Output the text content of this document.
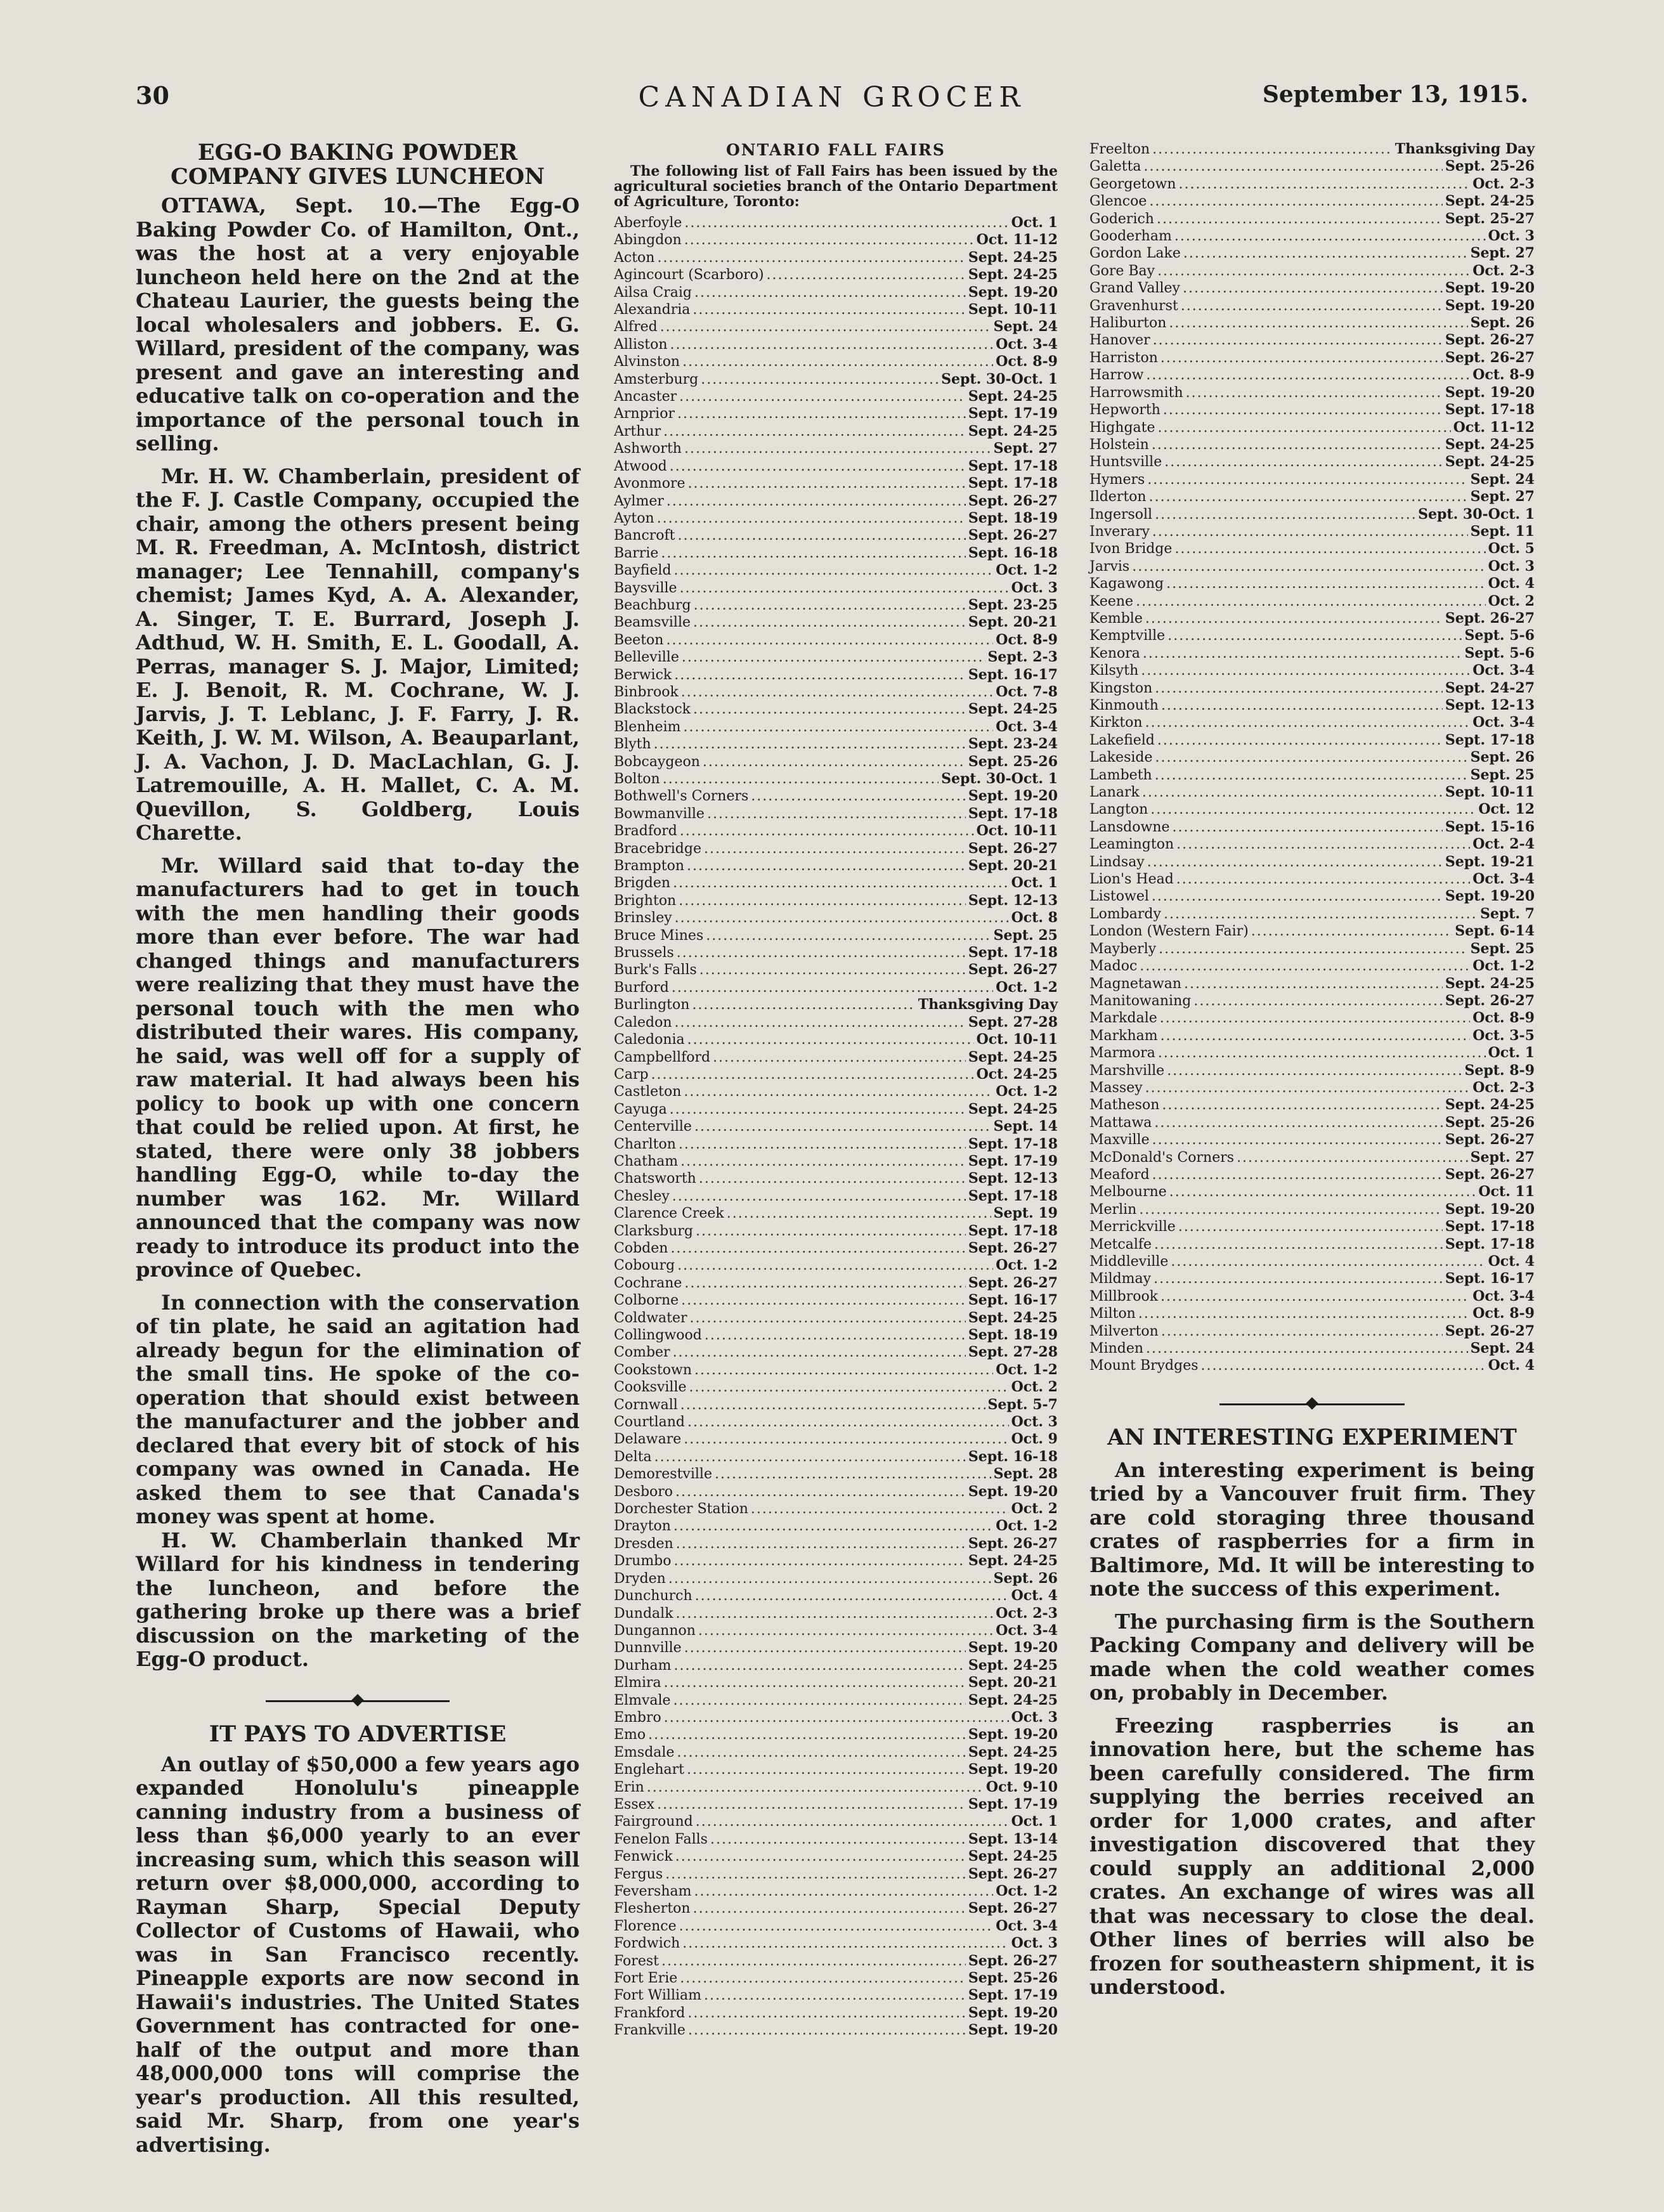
CANADIAN GROCER
30	September 13, 1915.
EGG-O BAKING POWDER COMPANY GIVES LUNCHEON

OTTAWA, Sept. 10.—The Egg-O Baking Powder Co. of Hamilton, Ont., was the host at a very enjoyable luncheon held here on the 2nd at the Chateau Laurier, the guests being the local wholesalers and jobbers. E. G. Willard, president of the company, was present and gave an interesting and educative talk on co-operation and the importance of the personal touch in selling.

Mr. H. W. Chamberlain, president of the F. J. Castle Company, occupied the chair, among the others present being M. R. Freedman, A. McIntosh, district manager; Lee Tennahill, company's chemist; James Kyd, A. A. Alexander, A. Singer, T. E. Burrard, Joseph J. Adthud, W. H. Smith, E. L. Goodall, A. Perras, manager S. J. Major, Limited; E. J. Benoit, R. M. Cochrane, W. J. Jarvis, J. T. Leblanc, J. F. Farry, J. R. Keith, J. W. M. Wilson, A. Beauparlant, J. A. Vachon, J. D. MacLachlan, G. J. Latremouille, A. H. Mallet, C. A. M. Quevillon, S. Goldberg, Louis Charette.

Mr. Willard said that to-day the manufacturers had to get in touch with the men handling their goods more than ever before. The war had changed things and manufacturers were realizing that they must have the personal touch with the men who distributed their wares. His company, he said, was well off for a supply of raw material. It had always been his policy to book up with one concern that could be relied upon. At first, he stated, there were only 38 jobbers handling Egg-O, while to-day the number was 162. Mr. Willard announced that the company was now ready to introduce its product into the province of Quebec.

In connection with the conservation of tin plate, he said an agitation had already begun for the elimination of the small tins. He spoke of the co-operation that should exist between the manufacturer and the jobber and declared that every bit of stock of his company was owned in Canada. He asked them to see that Canada's money was spent at home.

H. W. Chamberlain thanked Mr Willard for his kindness in tendering the luncheon, and before the gathering broke up there was a brief discussion on the marketing of the Egg-O product.

IT PAYS TO ADVERTISE

An outlay of $50,000 a few years ago expanded Honolulu's pineapple canning industry from a business of less than $6,000 yearly to an ever increasing sum, which this season will return over $8,000,000, according to Rayman Sharp, Special Deputy Collector of Customs of Hawaii, who was in San Francisco recently. Pineapple exports are now second in Hawaii's industries. The United States Government has contracted for one-half of the output and more than 48,000,000 tons will comprise the year's production. All this resulted, said Mr. Sharp, from one year's advertising.

ONTARIO FALL FAIRS

The following list of Fall Fairs has been issued by the agricultural societies branch of the Ontario Department of Agriculture, Toronto:

Aberfoyle .....	Oct. 1
Abingdon .....	Oct. 11-12
Acton .....	Sept. 24-25
Agincourt (Scarboro) .....	Sept. 24-25
Ailsa Craig .....	Sept. 19-20
Alexandria .....	Sept. 10-11
Alfred .....	Sept. 24
Alliston .....	Oct. 3-4
Alvinston .....	Oct. 8-9
Amsterburg .....	Sept. 30-Oct. 1
Ancaster .....	Sept. 24-25
Arnprior .....	Sept. 17-19
Arthur .....	Sept. 24-25
Ashworth .....	Sept. 27
Atwood .....	Sept. 17-18
Avonmore .....	Sept. 17-18
Aylmer .....	Sept. 26-27
Ayton .....	Sept. 18-19
Bancroft .....	Sept. 26-27
Barrie .....	Sept. 16-18
Bayfield .....	Oct. 1-2
Baysville .....	Oct. 3
Beachburg .....	Sept. 23-25
Beamsville .....	Sept. 20-21
Beeton .....	Oct. 8-9
Belleville .....	Sept. 2-3
Berwick .....	Sept. 16-17
Binbrook .....	Oct. 7-8
Blackstock .....	Sept. 24-25
Blenheim .....	Oct. 3-4
Blyth .....	Sept. 23-24
Bobcaygeon .....	Sept. 25-26
Bolton .....	Sept. 30-Oct. 1
Bothwell's Corners .....	Sept. 19-20
Bowmanville .....	Sept. 17-18
Bradford .....	Oct. 10-11
Bracebridge .....	Sept. 26-27
Brampton .....	Sept. 20-21
Brigden .....	Oct. 1
Brighton .....	Sept. 12-13
Brinsley .....	Oct. 8
Bruce Mines .....	Sept. 25
Brussels .....	Sept. 17-18
Burk's Falls .....	Sept. 26-27
Burford .....	Oct. 1-2
Burlington .....	Thanksgiving Day
Caledon .....	Sept. 27-28
Caledonia .....	Oct. 10-11
Campbellford .....	Sept. 24-25
Carp .....	Oct. 24-25
Castleton .....	Oct. 1-2
Cayuga .....	Sept. 24-25
Centerville .....	Sept. 14
Charlton .....	Sept. 17-18
Chatham .....	Sept. 17-19
Chatsworth .....	Sept. 12-13
Chesley .....	Sept. 17-18
Clarence Creek .....	Sept. 19
Clarksburg .....	Sept. 17-18
Cobden .....	Sept. 26-27
Cobourg .....	Oct. 1-2
Cochrane .....	Sept. 26-27
Colborne .....	Sept. 16-17
Coldwater .....	Sept. 24-25
Collingwood .....	Sept. 18-19
Comber .....	Sept. 27-28
Cookstown .....	Oct. 1-2
Cooksville .....	Oct. 2
Cornwall .....	Sept. 5-7
Courtland .....	Oct. 3
Delaware .....	Oct. 9
Delta .....	Sept. 16-18
Demorestville .....	Sept. 28
Desboro .....	Sept. 19-20
Dorchester Station .....	Oct. 2
Drayton .....	Oct. 1-2
Dresden .....	Sept. 26-27
Drumbo .....	Sept. 24-25
Dryden .....	Sept. 26
Dunchurch .....	Oct. 4
Dundalk .....	Oct. 2-3
Dungannon .....	Oct. 3-4
Dunnville .....	Sept. 19-20
Durham .....	Sept. 24-25
Elmira .....	Sept. 20-21
Elmvale .....	Sept. 24-25
Embro .....	Oct. 3
Emo .....	Sept. 19-20
Emsdale .....	Sept. 24-25
Englehart .....	Sept. 19-20
Erin .....	Oct. 9-10
Essex .....	Sept. 17-19
Fairground .....	Oct. 1
Fenelon Falls .....	Sept. 13-14
Fenwick .....	Sept. 24-25
Fergus .....	Sept. 26-27
Feversham .....	Oct. 1-2
Flesherton .....	Sept. 26-27
Florence .....	Oct. 3-4
Fordwich .....	Oct. 3
Forest .....	Sept. 26-27
Fort Erie .....	Sept. 25-26
Fort William .....	Sept. 17-19
Frankford .....	Sept. 19-20
Frankville .....	Sept. 19-20
Freelton .....	Thanksgiving Day
Galetta .....	Sept. 25-26
Georgetown .....	Oct. 2-3
Glencoe .....	Sept. 24-25
Goderich .....	Sept. 25-27
Gooderham .....	Oct. 3
Gordon Lake .....	Sept. 27
Gore Bay .....	Oct. 2-3
Grand Valley .....	Sept. 19-20
Gravenhurst .....	Sept. 19-20
Haliburton .....	Sept. 26
Hanover .....	Sept. 26-27
Harriston .....	Sept. 26-27
Harrow .....	Oct. 8-9
Harrowsmith .....	Sept. 19-20
Hepworth .....	Sept. 17-18
Highgate .....	Oct. 11-12
Holstein .....	Sept. 24-25
Huntsville .....	Sept. 24-25
Hymers .....	Sept. 24
Ilderton .....	Sept. 27
Ingersoll .....	Sept. 30-Oct. 1
Inverary .....	Sept. 11
Ivon Bridge .....	Oct. 5
Jarvis .....	Oct. 3
Kagawong .....	Oct. 4
Keene .....	Oct. 2
Kemble .....	Sept. 26-27
Kemptville .....	Sept. 5-6
Kenora .....	Sept. 5-6
Kilsyth .....	Oct. 3-4
Kingston .....	Sept. 24-27
Kinmouth .....	Sept. 12-13
Kirkton .....	Oct. 3-4
Lakefield .....	Sept. 17-18
Lakeside .....	Sept. 26
Lambeth .....	Sept. 25
Lanark .....	Sept. 10-11
Langton .....	Oct. 12
Lansdowne .....	Sept. 15-16
Leamington .....	Oct. 2-4
Lindsay .....	Sept. 19-21
Lion's Head .....	Oct. 3-4
Listowel .....	Sept. 19-20
Lombardy .....	Sept. 7
London (Western Fair) .....	Sept. 6-14
Mayberly .....	Sept. 25
Madoc .....	Oct. 1-2
Magnetawan .....	Sept. 24-25
Manitowaning .....	Sept. 26-27
Markdale .....	Oct. 8-9
Markham .....	Oct. 3-5
Marmora .....	Oct. 1
Marshville .....	Sept. 8-9
Massey .....	Oct. 2-3
Matheson .....	Sept. 24-25
Mattawa .....	Sept. 25-26
Maxville .....	Sept. 26-27
McDonald's Corners .....	Sept. 27
Meaford .....	Sept. 26-27
Melbourne .....	Oct. 11
Merlin .....	Sept. 19-20
Merrickville .....	Sept. 17-18
Metcalfe .....	Sept. 17-18
Middleville .....	Oct. 4
Mildmay .....	Sept. 16-17
Millbrook .....	Oct. 3-4
Milton .....	Oct. 8-9
Milverton .....	Sept. 26-27
Minden .....	Sept. 24
Mount Brydges .....	Oct. 4
AN INTERESTING EXPERIMENT

An interesting experiment is being tried by a Vancouver fruit firm. They are cold storaging three thousand crates of raspberries for a firm in Baltimore, Md. It will be interesting to note the success of this experiment.

The purchasing firm is the Southern Packing Company and delivery will be made when the cold weather comes on, probably in December.

Freezing raspberries is an innovation here, but the scheme has been carefully considered. The firm supplying the berries received an order for 1,000 crates, and after investigation discovered that they could supply an additional 2,000 crates. An exchange of wires was all that was necessary to close the deal. Other lines of berries will also be frozen for southeastern shipment, it is understood.
